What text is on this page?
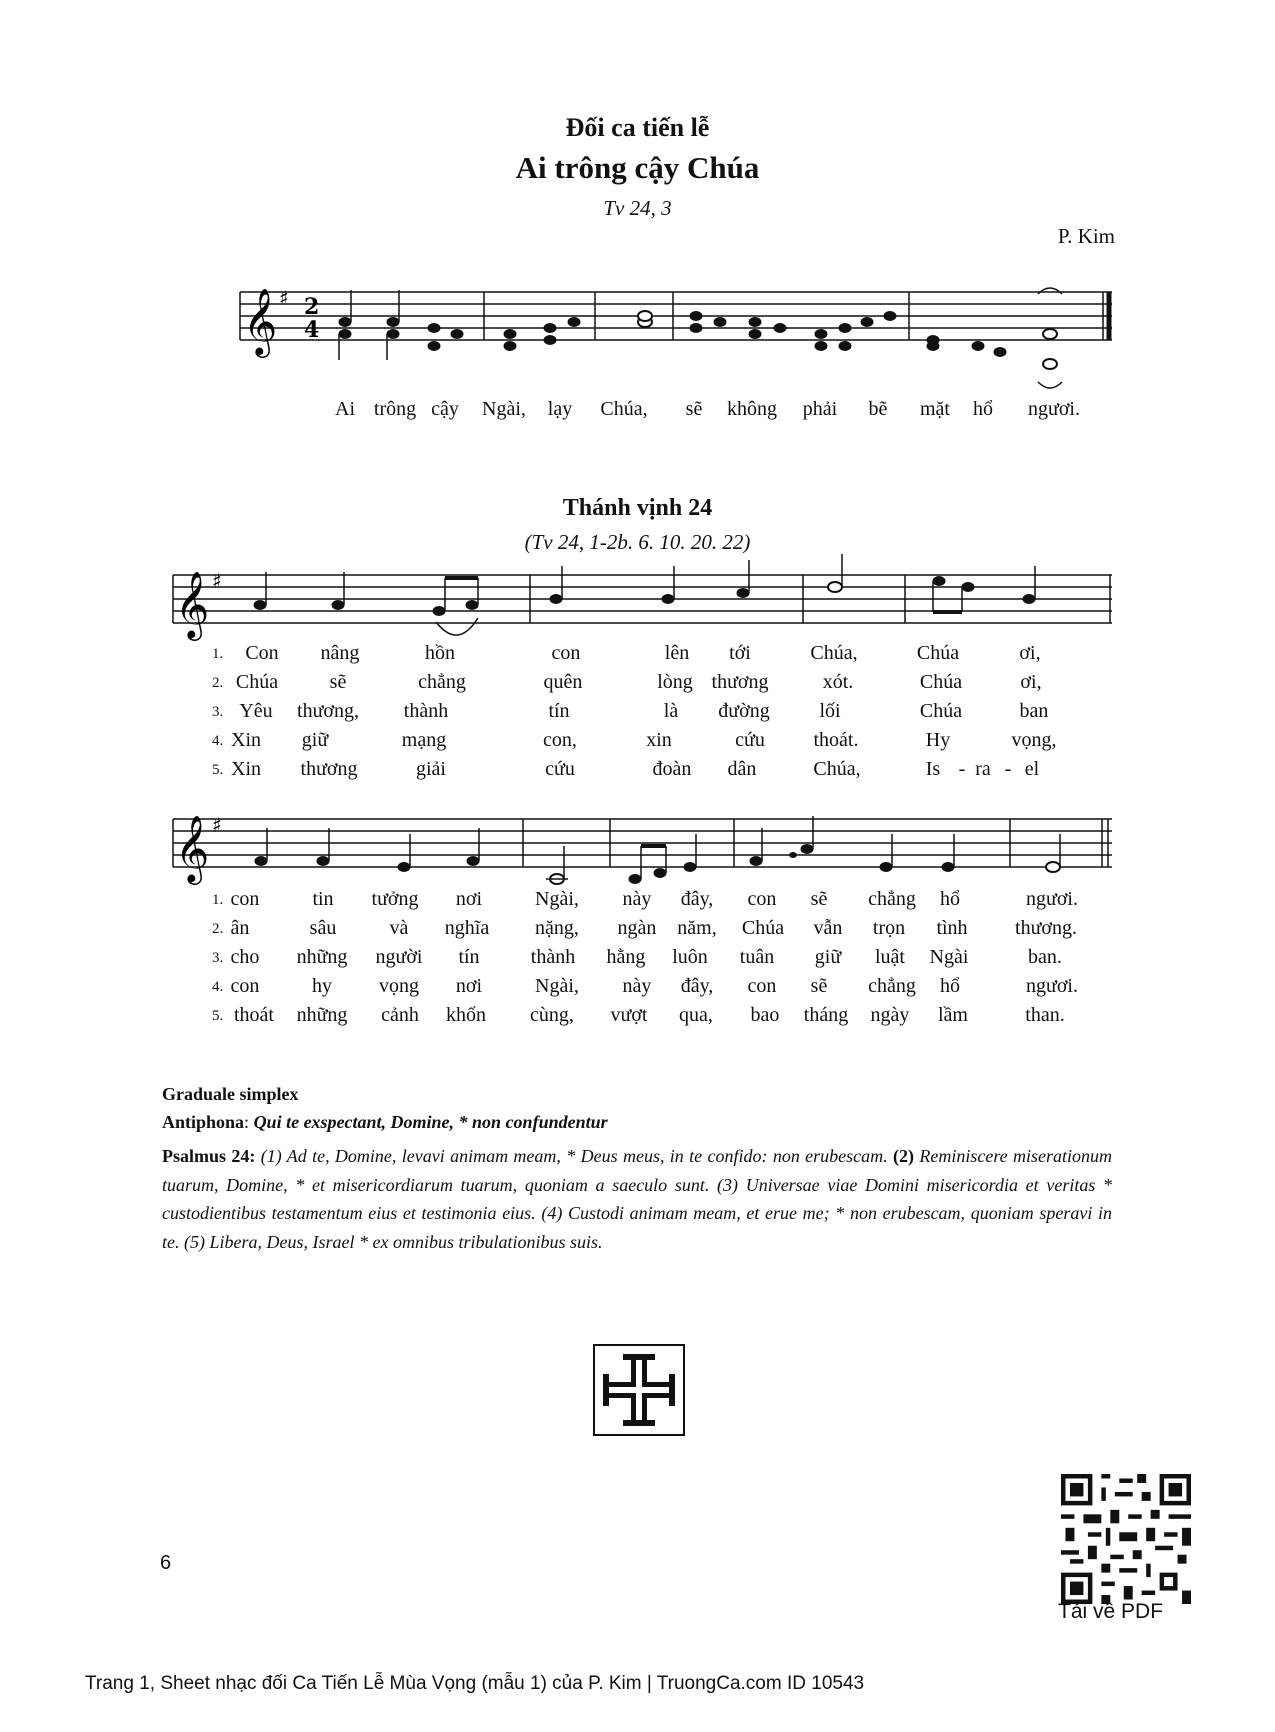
Đối ca tiến lễ
Ai trông cậy Chúa
Tv 24, 3
P. Kim
𝄞 ♯ 2
4
Ai trông cậy Ngài, lạy Chúa, sẽ không phải bẽ mặt hổ ngươi.
Thánh vịnh 24
(Tv 24, 1-2b. 6. 10. 20. 22)
𝄞 ♯
1. Con nâng	hồn	con	lên tới	Chúa,	Chúa	ơi,
2. Chúa	sẽ	chẳng	quên	lòng thương	xót.	Chúa	ơi,
3. Yêu thương, thành	tín	là đường lối	Chúa	ban
4. Xin giữ	mạng	con,	xin	cứu thoát.	Hy	vọng,
5. Xin thương	giải	cứu	đoàn dân	Chúa,	Is - ra - el
𝄞 ♯
1. con	tin tưởng nơi	Ngài, này đây, con sẽ chẳng hổ	ngươi.
2. ân	sâu	và nghĩa nặng, ngàn năm, Chúa vẫn trọn tình thương.
3. cho những người tín	thành hằng luôn tuân giữ luật Ngài	ban.
4. con	hy vọng nơi	Ngài, này đây, con sẽ chẳng hổ	ngươi.
5. thoát những cảnh khốn cùng, vượt qua, bao tháng ngày lầm	than.
Graduale simplex
Antiphona: Qui te exspectant, Domine, * non confundentur
Psalmus 24: (1) Ad te, Domine, levavi animam meam, * Deus meus, in te confido: non erubescam. (2) Reminiscere miserationum tuarum, Domine, * et misericordiarum tuarum, quoniam a saeculo sunt. (3) Universae viae Domini misericordia et veritas * custodientibus testamentum eius et testimonia eius. (4) Custodi animam meam, et erue me; * non erubescam, quoniam speravi in te. (5) Libera, Deus, Israel * ex omnibus tribulationibus suis.
6
Tải về PDF
Trang 1, Sheet nhạc đối Ca Tiến Lễ Mùa Vọng (mẫu 1) của P. Kim | TruongCa.com ID 10543
